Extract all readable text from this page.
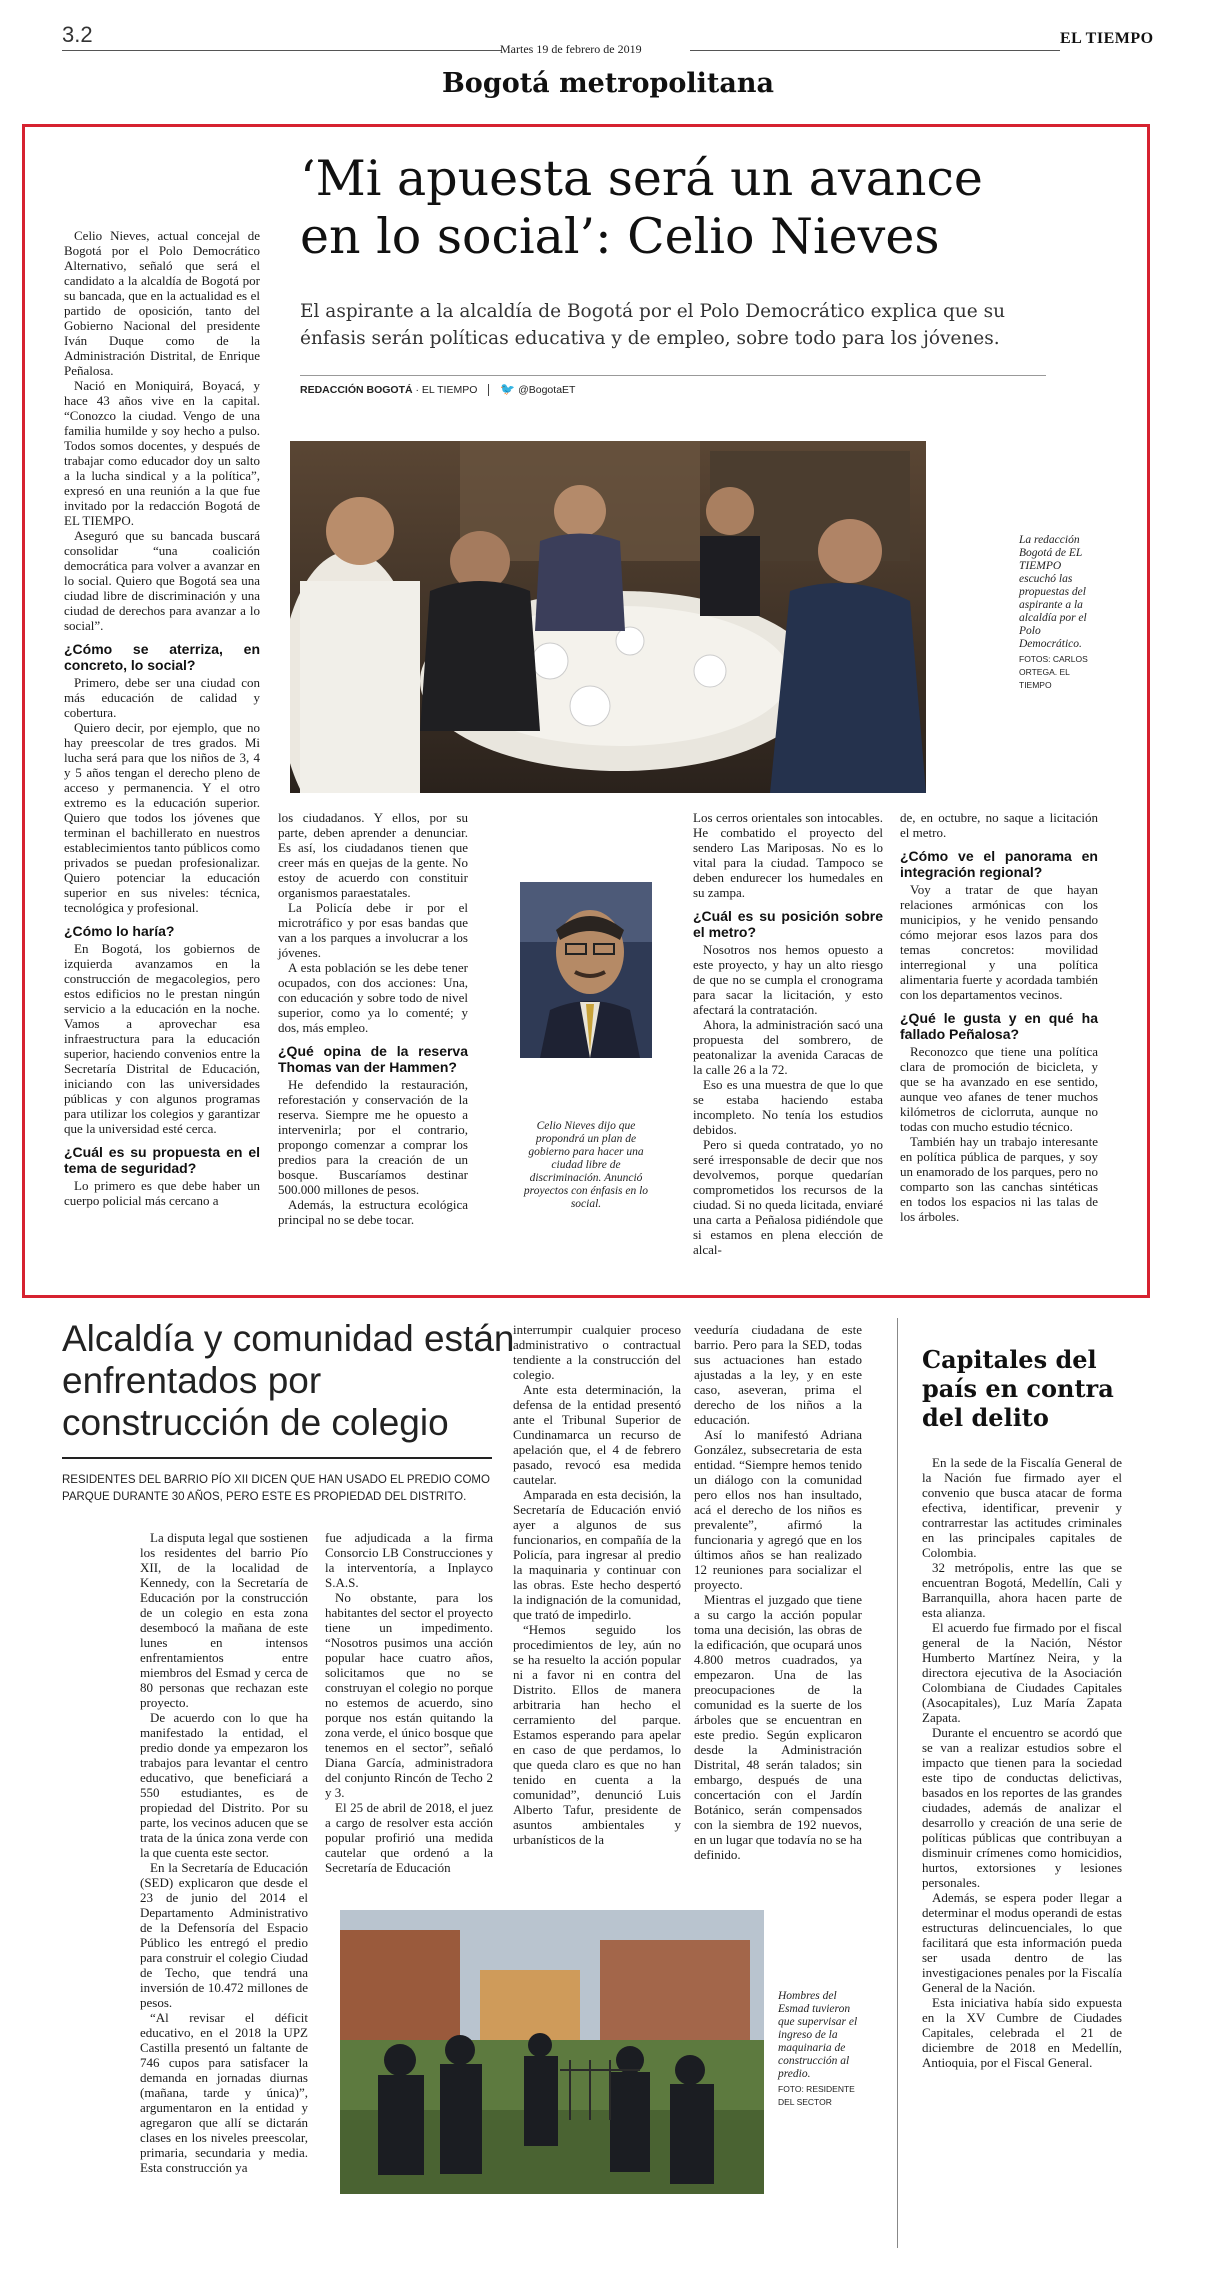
3.2
Martes 19 de febrero de 2019
EL TIEMPO
Bogotá metropolitana
‘Mi apuesta será un avance
en lo social’: Celio Nieves
El aspirante a la alcaldía de Bogotá por el Polo Democrático explica que su énfasis serán políticas educativa y de empleo, sobre todo para los jóvenes.
REDACCIÓN BOGOTÁ · EL TIEMPO 🐦 @BogotaET
La redacción Bogotá de EL TIEMPO escuchó las propuestas del aspirante a la alcaldía por el Polo Democrático.
FOTOS: CARLOS ORTEGA. EL TIEMPO

Celio Nieves, actual concejal de Bogotá por el Polo Democrático Alternativo, señaló que será el candidato a la alcaldía de Bogotá por su bancada, que en la actualidad es el partido de oposición, tanto del Gobierno Nacional del presidente Iván Duque como de la Administración Distrital, de Enrique Peñalosa.

Nació en Moniquirá, Boyacá, y hace 43 años vive en la capital. “Conozco la ciudad. Vengo de una familia humilde y soy hecho a pulso. Todos somos docentes, y después de trabajar como educador doy un salto a la lucha sindical y a la política”, expresó en una reunión a la que fue invitado por la redacción Bogotá de EL TIEMPO.

Aseguró que su bancada buscará consolidar “una coalición democrática para volver a avanzar en lo social. Quiero que Bogotá sea una ciudad libre de discriminación y una ciudad de derechos para avanzar a lo social”.

¿Cómo se aterriza, en concreto, lo social?

Primero, debe ser una ciudad con más educación de calidad y cobertura.

Quiero decir, por ejemplo, que no hay preescolar de tres grados. Mi lucha será para que los niños de 3, 4 y 5 años tengan el derecho pleno de acceso y permanencia. Y el otro extremo es la educación superior. Quiero que todos los jóvenes que terminan el bachillerato en nuestros establecimientos tanto públicos como privados se puedan profesionalizar. Quiero potenciar la educación superior en sus niveles: técnica, tecnológica y profesional.

¿Cómo lo haría?

En Bogotá, los gobiernos de izquierda avanzamos en la construcción de megacolegios, pero estos edificios no le prestan ningún servicio a la educación en la noche. Vamos a aprovechar esa infraestructura para la educación superior, haciendo convenios entre la Secretaría Distrital de Educación, iniciando con las universidades públicas y con algunos programas para utilizar los colegios y garantizar que la universidad esté cerca.

¿Cuál es su propuesta en el tema de seguridad?

Lo primero es que debe haber un cuerpo policial más cercano a

los ciudadanos. Y ellos, por su parte, deben aprender a denunciar. Es así, los ciudadanos tienen que creer más en quejas de la gente. No estoy de acuerdo con constituir organismos paraestatales.

La Policía debe ir por el microtráfico y por esas bandas que van a los parques a involucrar a los jóvenes.

A esta población se les debe tener ocupados, con dos acciones: Una, con educación y sobre todo de nivel superior, como ya lo comenté; y dos, más empleo.

¿Qué opina de la reserva Thomas van der Hammen?

He defendido la restauración, reforestación y conservación de la reserva. Siempre me he opuesto a intervenirla; por el contrario, propongo comenzar a comprar los predios para la creación de un bosque. Buscaríamos destinar 500.000 millones de pesos.

Además, la estructura ecológica principal no se debe tocar.

Celio Nieves dijo que propondrá un plan de gobierno para hacer una ciudad libre de discriminación. Anunció proyectos con énfasis en lo social.

Los cerros orientales son intocables. He combatido el proyecto del sendero Las Mariposas. No es lo vital para la ciudad. Tampoco se deben endurecer los humedales en su zampa.

¿Cuál es su posición sobre el metro?

Nosotros nos hemos opuesto a este proyecto, y hay un alto riesgo de que no se cumpla el cronograma para sacar la licitación, y esto afectará la contratación.

Ahora, la administración sacó una propuesta del sombrero, de peatonalizar la avenida Caracas de la calle 26 a la 72.

Eso es una muestra de que lo que se estaba haciendo estaba incompleto. No tenía los estudios debidos.

Pero si queda contratado, yo no seré irresponsable de decir que nos devolvemos, porque quedarían comprometidos los recursos de la ciudad. Si no queda licitada, enviaré una carta a Peñalosa pidiéndole que si estamos en plena elección de alcal-

de, en octubre, no saque a licitación el metro.

¿Cómo ve el panorama en integración regional?

Voy a tratar de que hayan relaciones armónicas con los municipios, y he venido pensando cómo mejorar esos lazos para dos temas concretos: movilidad interregional y una política alimentaria fuerte y acordada también con los departamentos vecinos.

¿Qué le gusta y en qué ha fallado Peñalosa?

Reconozco que tiene una política clara de promoción de bicicleta, y que se ha avanzado en ese sentido, aunque veo afanes de tener muchos kilómetros de ciclorruta, aunque no todas con mucho estudio técnico.

También hay un trabajo interesante en política pública de parques, y soy un enamorado de los parques, pero no comparto son las canchas sintéticas en todos los espacios ni las talas de los árboles.

Alcaldía y comunidad están enfrentados por construcción de colegio
RESIDENTES DEL BARRIO PÍO XII DICEN QUE HAN USADO EL PREDIO COMO PARQUE DURANTE 30 AÑOS, PERO ESTE ES PROPIEDAD DEL DISTRITO.

La disputa legal que sostienen los residentes del barrio Pío XII, de la localidad de Kennedy, con la Secretaría de Educación por la construcción de un colegio en esta zona desembocó la mañana de este lunes en intensos enfrentamientos entre miembros del Esmad y cerca de 80 personas que rechazan este proyecto.

De acuerdo con lo que ha manifestado la entidad, el predio donde ya empezaron los trabajos para levantar el centro educativo, que beneficiará a 550 estudiantes, es de propiedad del Distrito. Por su parte, los vecinos aducen que se trata de la única zona verde con la que cuenta este sector.

En la Secretaría de Educación (SED) explicaron que desde el 23 de junio del 2014 el Departamento Administrativo de la Defensoría del Espacio Público les entregó el predio para construir el colegio Ciudad de Techo, que tendrá una inversión de 10.472 millones de pesos.

“Al revisar el déficit educativo, en el 2018 la UPZ Castilla presentó un faltante de 746 cupos para satisfacer la demanda en jornadas diurnas (mañana, tarde y única)”, argumentaron en la entidad y agregaron que allí se dictarán clases en los niveles preescolar, primaria, secundaria y media. Esta construcción ya

fue adjudicada a la firma Consorcio LB Construcciones y la interventoría, a Inplayco S.A.S.

No obstante, para los habitantes del sector el proyecto tiene un impedimento. “Nosotros pusimos una acción popular hace cuatro años, solicitamos que no se construyan el colegio no porque no estemos de acuerdo, sino porque nos están quitando la zona verde, el único bosque que tenemos en el sector”, señaló Diana García, administradora del conjunto Rincón de Techo 2 y 3.

El 25 de abril de 2018, el juez a cargo de resolver esta acción popular profirió una medida cautelar que ordenó a la Secretaría de Educación

interrumpir cualquier proceso administrativo o contractual tendiente a la construcción del colegio.

Ante esta determinación, la defensa de la entidad presentó ante el Tribunal Superior de Cundinamarca un recurso de apelación que, el 4 de febrero pasado, revocó esa medida cautelar.

Amparada en esta decisión, la Secretaría de Educación envió ayer a algunos de sus funcionarios, en compañía de la Policía, para ingresar al predio la maquinaria y continuar con las obras. Este hecho despertó la indignación de la comunidad, que trató de impedirlo.

“Hemos seguido los procedimientos de ley, aún no se ha resuelto la acción popular ni a favor ni en contra del Distrito. Ellos de manera arbitraria han hecho el cerramiento del parque. Estamos esperando para apelar en caso de que perdamos, lo que queda claro es que no han tenido en cuenta a la comunidad”, denunció Luis Alberto Tafur, presidente de asuntos ambientales y urbanísticos de la

veeduría ciudadana de este barrio. Pero para la SED, todas sus actuaciones han estado ajustadas a la ley, y en este caso, aseveran, prima el derecho de los niños a la educación.

Así lo manifestó Adriana González, subsecretaria de esta entidad. “Siempre hemos tenido un diálogo con la comunidad pero ellos nos han insultado, acá el derecho de los niños es prevalente”, afirmó la funcionaria y agregó que en los últimos años se han realizado 12 reuniones para socializar el proyecto.

Mientras el juzgado que tiene a su cargo la acción popular toma una decisión, las obras de la edificación, que ocupará unos 4.800 metros cuadrados, ya empezaron. Una de las preocupaciones de la comunidad es la suerte de los árboles que se encuentran en este predio. Según explicaron desde la Administración Distrital, 48 serán talados; sin embargo, después de una concertación con el Jardín Botánico, serán compensados con la siembra de 192 nuevos, en un lugar que todavía no se ha definido.

Hombres del Esmad tuvieron que supervisar el ingreso de la maquinaria de construcción al predio.
FOTO: RESIDENTE DEL SECTOR
Capitales del país en contra del delito

En la sede de la Fiscalía General de la Nación fue firmado ayer el convenio que busca atacar de forma efectiva, identificar, prevenir y contrarrestar las actitudes criminales en las principales capitales de Colombia.

32 metrópolis, entre las que se encuentran Bogotá, Medellín, Cali y Barranquilla, ahora hacen parte de esta alianza.

El acuerdo fue firmado por el fiscal general de la Nación, Néstor Humberto Martínez Neira, y la directora ejecutiva de la Asociación Colombiana de Ciudades Capitales (Asocapitales), Luz María Zapata Zapata.

Durante el encuentro se acordó que se van a realizar estudios sobre el impacto que tienen para la sociedad este tipo de conductas delictivas, basados en los reportes de las grandes ciudades, además de analizar el desarrollo y creación de una serie de políticas públicas que contribuyan a disminuir crímenes como homicidios, hurtos, extorsiones y lesiones personales.

Además, se espera poder llegar a determinar el modus operandi de estas estructuras delincuenciales, lo que facilitará que esta información pueda ser usada dentro de las investigaciones penales por la Fiscalía General de la Nación.

Esta iniciativa había sido expuesta en la XV Cumbre de Ciudades Capitales, celebrada el 21 de diciembre de 2018 en Medellín, Antioquia, por el Fiscal General.
